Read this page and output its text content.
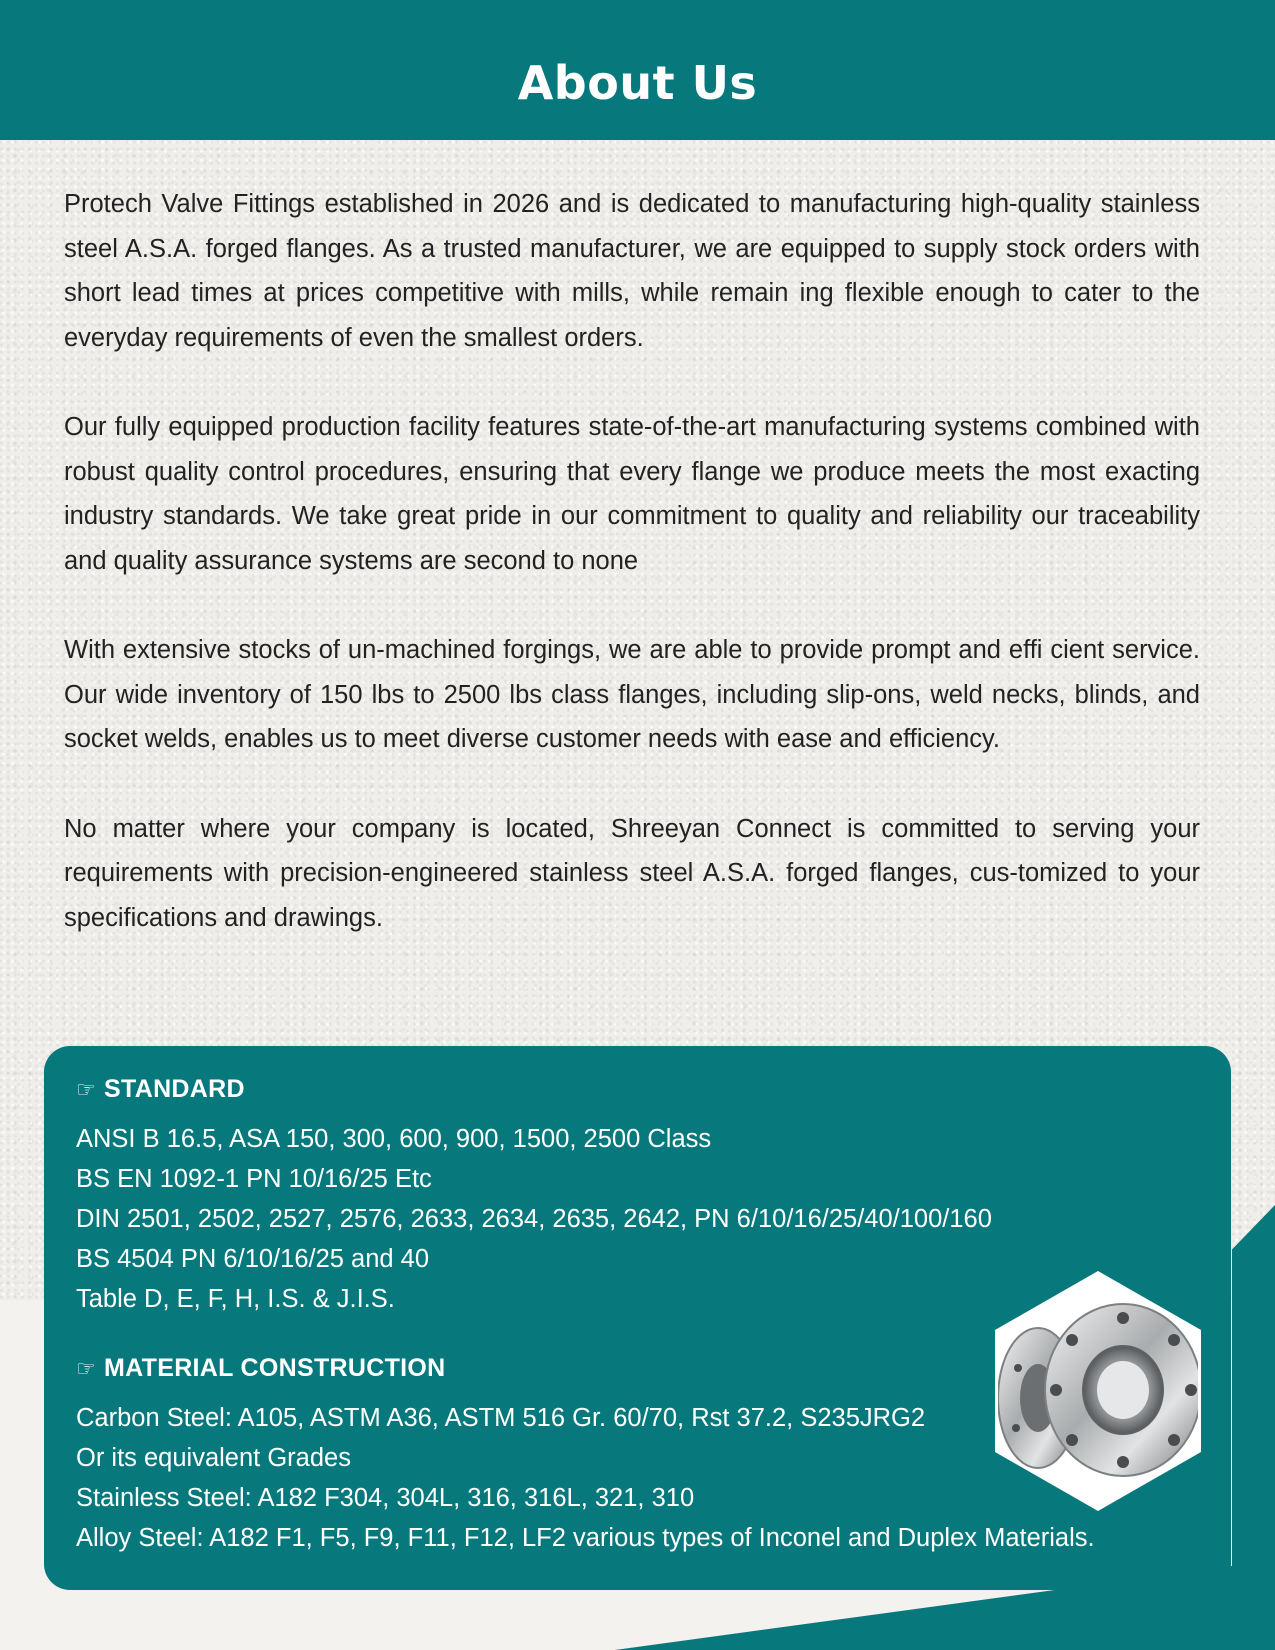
About Us

Protech Valve Fittings established in 2026 and is dedicated to manufacturing high-quality stainless steel A.S.A. forged flanges. As a trusted manufacturer, we are equipped to supply stock orders with short lead times at prices competitive with mills, while remain ing flexible enough to cater to the everyday requirements of even the smallest orders.

Our fully equipped production facility features state-of-the-art manufacturing systems combined with robust quality control procedures, ensuring that every flange we produce meets the most exacting industry standards. We take great pride in our commitment to quality and reliability our traceability and quality assurance systems are second to none

With extensive stocks of un-machined forgings, we are able to provide prompt and effi cient service. Our wide inventory of 150 lbs to 2500 lbs class flanges, including slip-ons, weld necks, blinds, and socket welds, enables us to meet diverse customer needs with ease and efficiency.

No matter where your company is located, Shreeyan Connect is committed to serving your requirements with precision-engineered stainless steel A.S.A. forged flanges, cus-tomized to your specifications and drawings.

☞ STANDARD
ANSI B 16.5, ASA 150, 300, 600, 900, 1500, 2500 Class
BS EN 1092-1 PN 10/16/25 Etc
DIN 2501, 2502, 2527, 2576, 2633, 2634, 2635, 2642, PN 6/10/16/25/40/100/160
BS 4504 PN 6/10/16/25 and 40
Table D, E, F, H, I.S. & J.I.S.
☞ MATERIAL CONSTRUCTION
Carbon Steel: A105, ASTM A36, ASTM 516 Gr. 60/70, Rst 37.2, S235JRG2
Or its equivalent Grades
Stainless Steel: A182 F304, 304L, 316, 316L, 321, 310
Alloy Steel: A182 F1, F5, F9, F11, F12, LF2 various types of Inconel and Duplex Materials.
